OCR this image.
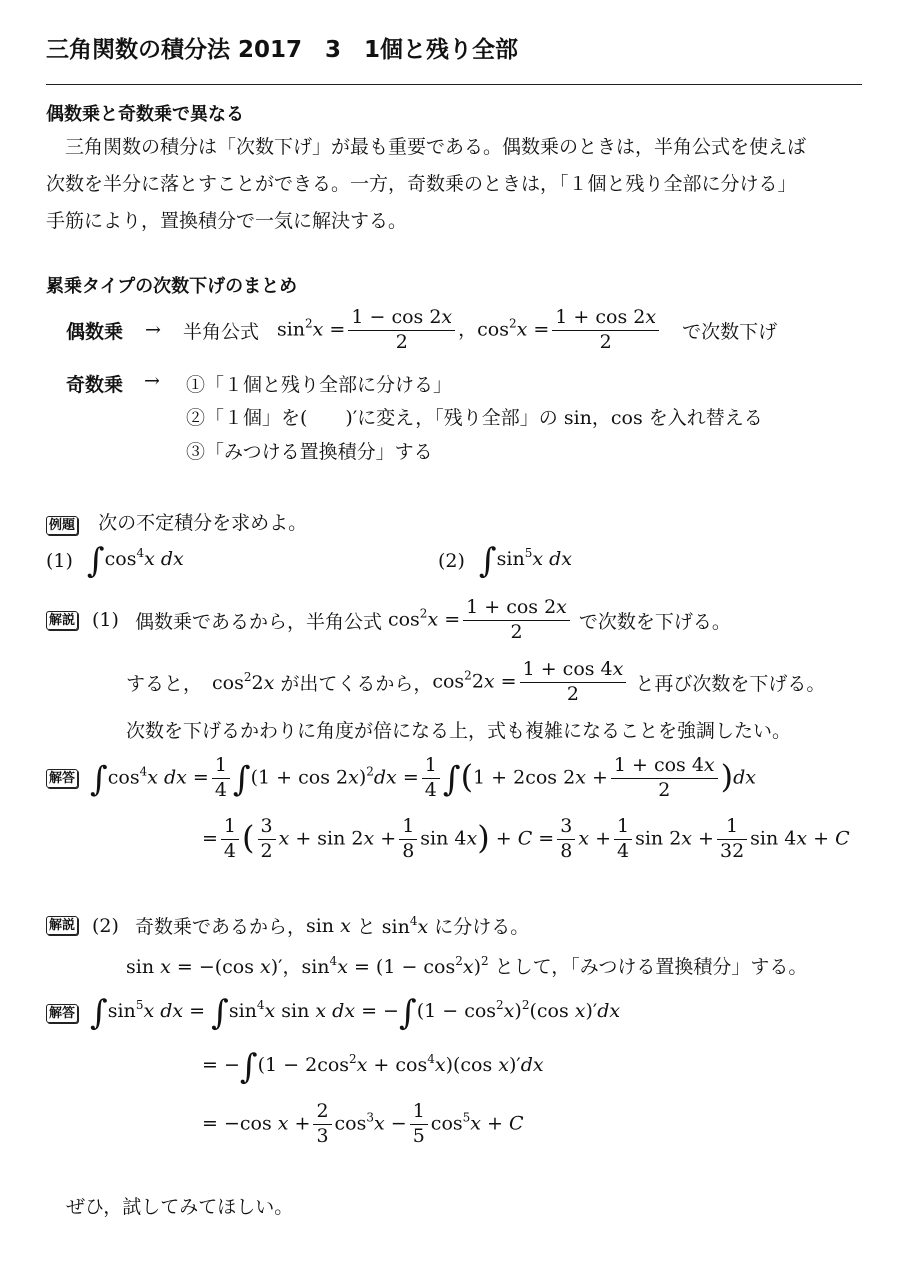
三角関数の積分法 2017　3　1個と残り全部
偶数乗と奇数乗で異なる
三角関数の積分は「次数下げ」が最も重要である。偶数乗のときは，半角公式を使えば
次数を半分に落とすことができる。一方，奇数乗のときは，「１個と残り全部に分ける」
手筋により，置換積分で一気に解決する。
累乗タイプの次数下げのまとめ
偶数乗 → 半角公式 $\sin^2x = \frac{1 - \cos 2x}{2}$ ，$\cos^2x = \frac{1 + \cos 2x}{2}$ で次数下げ
奇数乗 → ①「１個と残り全部に分ける」
②「１個」を(　　)′に変え，「残り全部」の sin，cos を入れ替える
③「みつける置換積分」する
例題 次の不定積分を求めよ。
(1) $\int\cos^4x$ dx	(2) $\int\sin^5x$ dx
解説 (1) 偶数乗であるから，半角公式 $\cos^2x = \frac{1 + \cos 2x}{2}$ で次数を下げる。
すると， $\cos^22x$ が出てくるから， $\cos^22x = \frac{1 + \cos 4x}{2}$ と再び次数を下げる。
次数を下げるかわりに角度が倍になる上，式も複雑になることを強調したい。
解答 $\int\cos^4x$ dx = $\frac{1}{4} \int(1 + \cos 2x)^2dx = \frac{1}{4} \int(1 + 2\cos$ $2x + \frac{1 + \cos 4x}{2} )dx$
= $\frac{1}{4}$ ( $\frac{3}{2}$ $x + \sin 2x + \frac{1}{8}$ $\sin 4x) + C = \frac{3}{8}$ $x + \frac{1}{4}$ $\sin 2x + \frac{1}{32}$ sin 4x + C
解説 (2) 奇数乗であるから， sin x と $\sin^4x$ に分ける。
sin x = −(cos x)′，$\sin^4x = (1 - \cos^2x)^2$ として，「みつける置換積分」する。
解答 $\int\sin^5x$ dx = $\int\sin^4x$ sin x dx = $-\int(1 - \cos^2x)^2(\cos$ x)′dx
= $-\int(1 - 2\cos^2x + \cos^4x)(\cos$ x)′dx
= −cos $x + \frac{2}{3} \cos^3x - \frac{1}{5} \cos^5x + C$
ぜひ，試してみてほしい。
